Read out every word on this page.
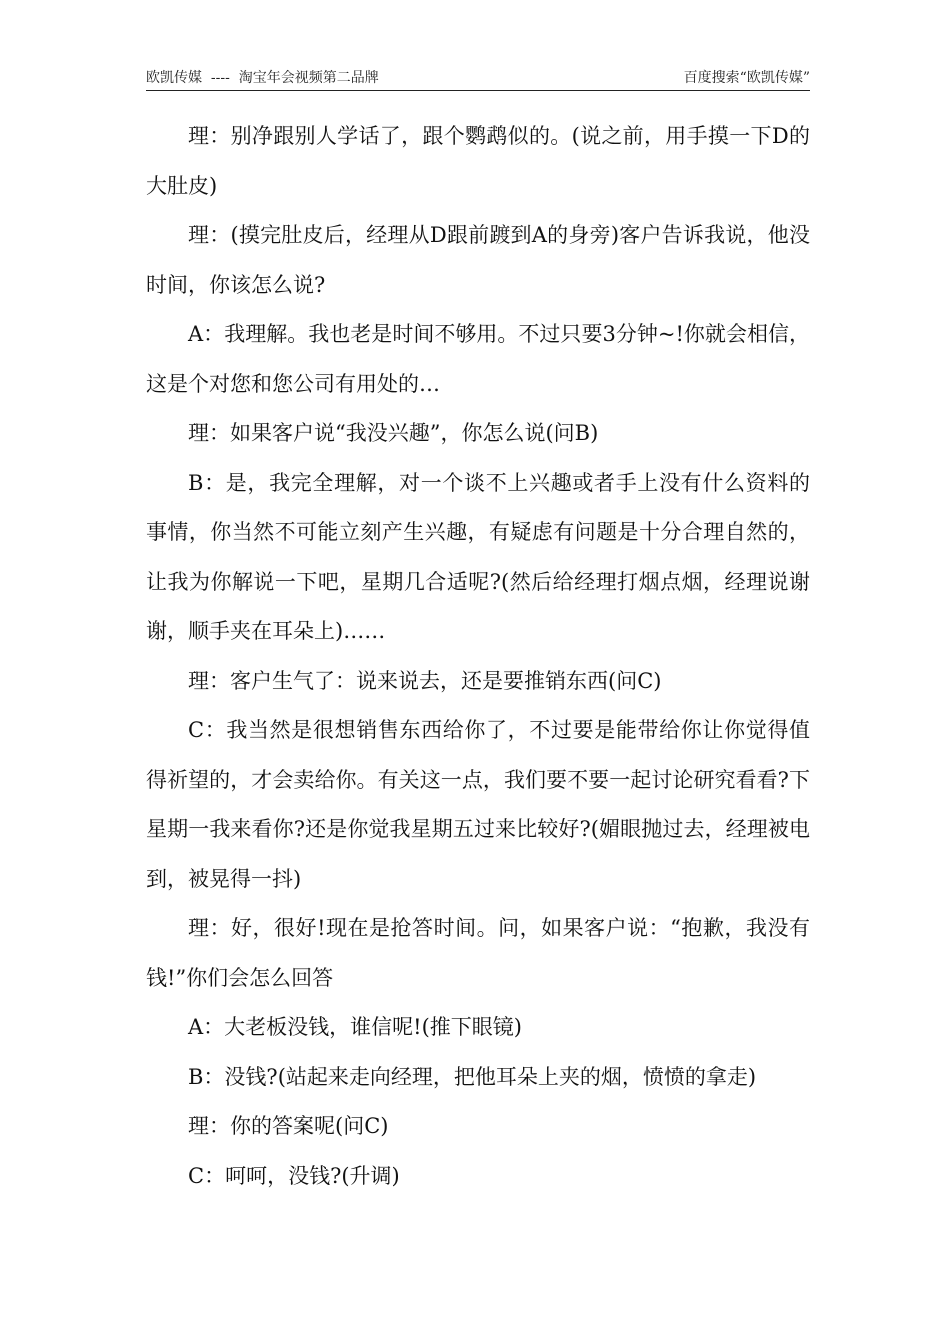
欧凯传媒  ----  淘宝年会视频第二品牌	百度搜索“欧凯传媒”

理：别净跟别人学话了，跟个鹦鹉似的。(说之前，用手摸一下D的大肚皮)

理：(摸完肚皮后，经理从D跟前踱到A的身旁)客户告诉我说，他没时间，你该怎么说?

A：我理解。我也老是时间不够用。不过只要3分钟~!你就会相信，这是个对您和您公司有用处的…

理：如果客户说“我没兴趣”，你怎么说(问B)

B：是，我完全理解，对一个谈不上兴趣或者手上没有什么资料的事情，你当然不可能立刻产生兴趣，有疑虑有问题是十分合理自然的，让我为你解说一下吧，星期几合适呢?(然后给经理打烟点烟，经理说谢谢，顺手夹在耳朵上)……

理：客户生气了：说来说去，还是要推销东西(问C)

C：我当然是很想销售东西给你了，不过要是能带给你让你觉得值得祈望的，才会卖给你。有关这一点，我们要不要一起讨论研究看看?下星期一我来看你?还是你觉我星期五过来比较好?(媚眼抛过去，经理被电到，被晃得一抖)

理：好，很好!现在是抢答时间。问，如果客户说：“抱歉，我没有钱!”你们会怎么回答

A：大老板没钱，谁信呢!(推下眼镜)

B：没钱?(站起来走向经理，把他耳朵上夹的烟，愤愤的拿走)

理：你的答案呢(问C)

C：呵呵，没钱?(升调)
